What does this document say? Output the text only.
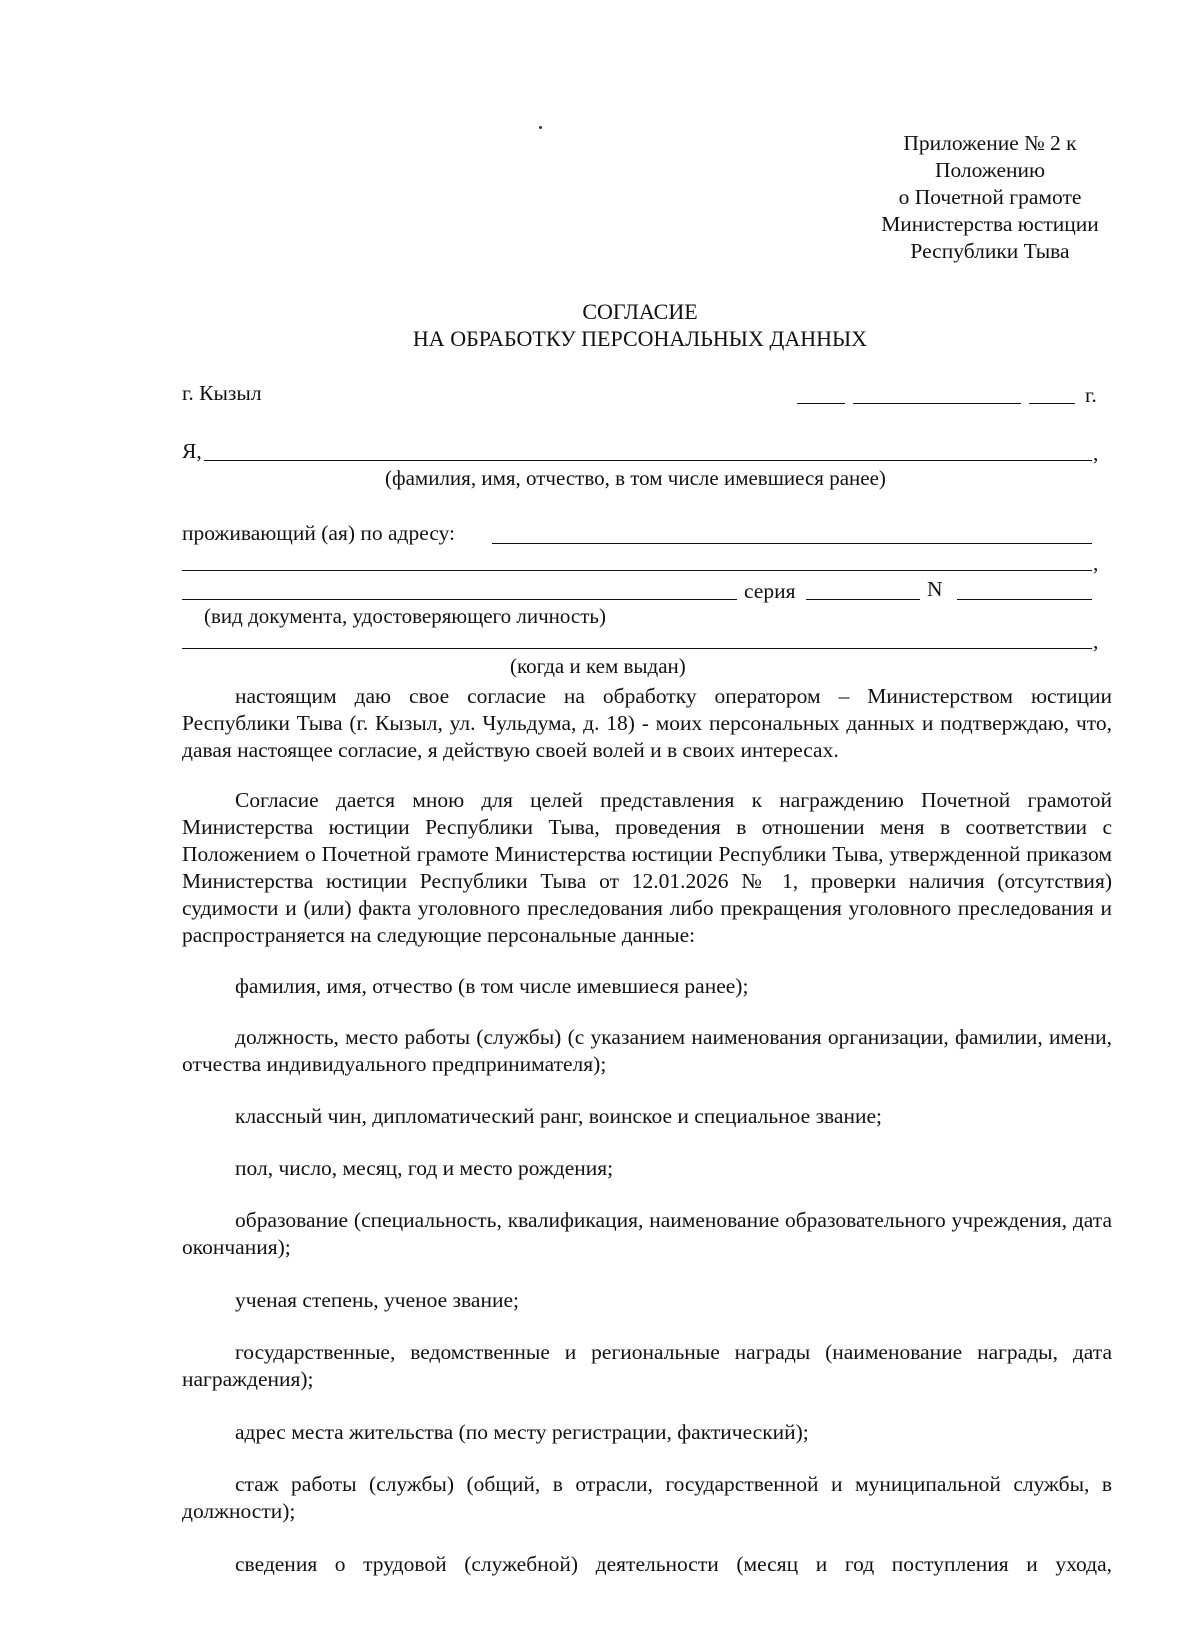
Приложение № 2 к
Положению
о Почетной грамоте
Министерства юстиции
Республики Тыва
СОГЛАСИЕ
НА ОБРАБОТКУ ПЕРСОНАЛЬНЫХ ДАННЫХ
г. Кызыл	г.
Я,	,
(фамилия, имя, отчество, в том числе имевшиеся ранее)
проживающий (ая) по адресу:
,
серия	N
(вид документа, удостоверяющего личность)
,
(когда и кем выдан)
настоящим даю свое согласие на обработку оператором – Министерством юстиции Республики Тыва (г. Кызыл, ул. Чульдума, д. 18) - моих персональных данных и подтверждаю, что, давая настоящее согласие, я действую своей волей и в своих интересах.
Согласие дается мною для целей представления к награждению Почетной грамотой Министерства юстиции Республики Тыва, проведения в отношении меня в соответствии с Положением о Почетной грамоте Министерства юстиции Республики Тыва, утвержденной приказом Министерства юстиции Республики Тыва от 12.01.2026 № 1, проверки наличия (отсутствия) судимости и (или) факта уголовного преследования либо прекращения уголовного преследования и распространяется на следующие персональные данные:
фамилия, имя, отчество (в том числе имевшиеся ранее);
должность, место работы (службы) (с указанием наименования организации, фамилии, имени, отчества индивидуального предпринимателя);
классный чин, дипломатический ранг, воинское и специальное звание;
пол, число, месяц, год и место рождения;
образование (специальность, квалификация, наименование образовательного учреждения, дата окончания);
ученая степень, ученое звание;
государственные, ведомственные и региональные награды (наименование награды, дата награждения);
адрес места жительства (по месту регистрации, фактический);
стаж работы (службы) (общий, в отрасли, государственной и муниципальной службы, в должности);
сведения о трудовой (служебной) деятельности (месяц и год поступления и ухода,
